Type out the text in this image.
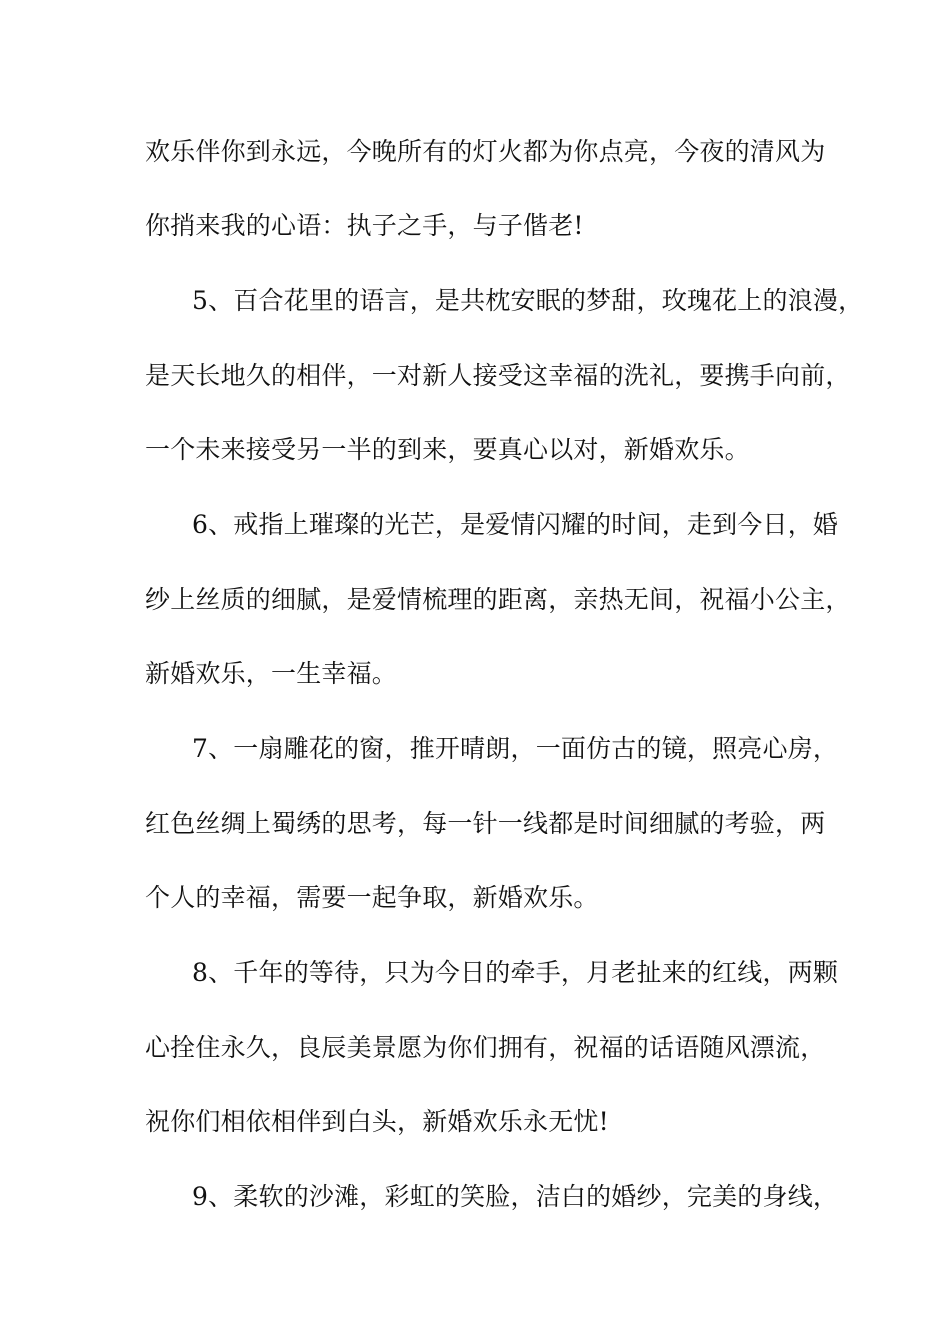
欢乐伴你到永远，今晚所有的灯火都为你点亮，今夜的清风为
你捎来我的心语：执子之手，与子偕老!
5、百合花里的语言，是共枕安眠的梦甜，玫瑰花上的浪漫，
是天长地久的相伴，一对新人接受这幸福的洗礼，要携手向前，
一个未来接受另一半的到来，要真心以对，新婚欢乐。
6、戒指上璀璨的光芒，是爱情闪耀的时间，走到今日，婚
纱上丝质的细腻，是爱情梳理的距离，亲热无间，祝福小公主，
新婚欢乐，一生幸福。
7、一扇雕花的窗，推开晴朗，一面仿古的镜，照亮心房，
红色丝绸上蜀绣的思考，每一针一线都是时间细腻的考验，两
个人的幸福，需要一起争取，新婚欢乐。
8、千年的等待，只为今日的牵手，月老扯来的红线，两颗
心拴住永久，良辰美景愿为你们拥有，祝福的话语随风漂流，
祝你们相依相伴到白头，新婚欢乐永无忧!
9、柔软的沙滩，彩虹的笑脸，洁白的婚纱，完美的身线，
